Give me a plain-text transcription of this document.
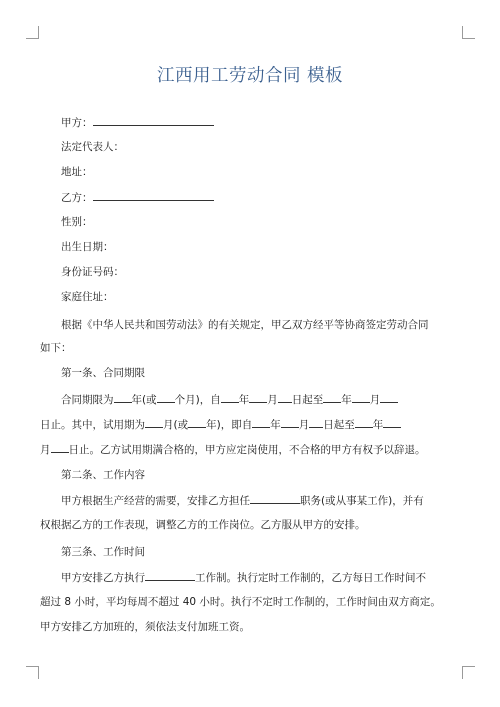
江西用工劳动合同 模板
甲方：
法定代表人：
地址：
乙方：
性别：
出生日期：
身份证号码：
家庭住址：
根据《中华人民共和国劳动法》的有关规定，甲乙双方经平等协商签定劳动合同
如下：
第一条、合同期限
合同期限为 年(或 个月)，自 年 月 日起至 年 月
日止。其中，试用期为 月(或 年)，即自 年 月 日起至 年
月 日止。乙方试用期满合格的，甲方应定岗使用，不合格的甲方有权予以辞退。
第二条、工作内容
甲方根据生产经营的需要，安排乙方担任	职务(或从事某工作)，并有
权根据乙方的工作表现，调整乙方的工作岗位。乙方服从甲方的安排。
第三条、工作时间
甲方安排乙方执行	工作制。执行定时工作制的，乙方每日工作时间不
超过 8 小时，平均每周不超过 40 小时。执行不定时工作制的，工作时间由双方商定。
甲方安排乙方加班的，须依法支付加班工资。
